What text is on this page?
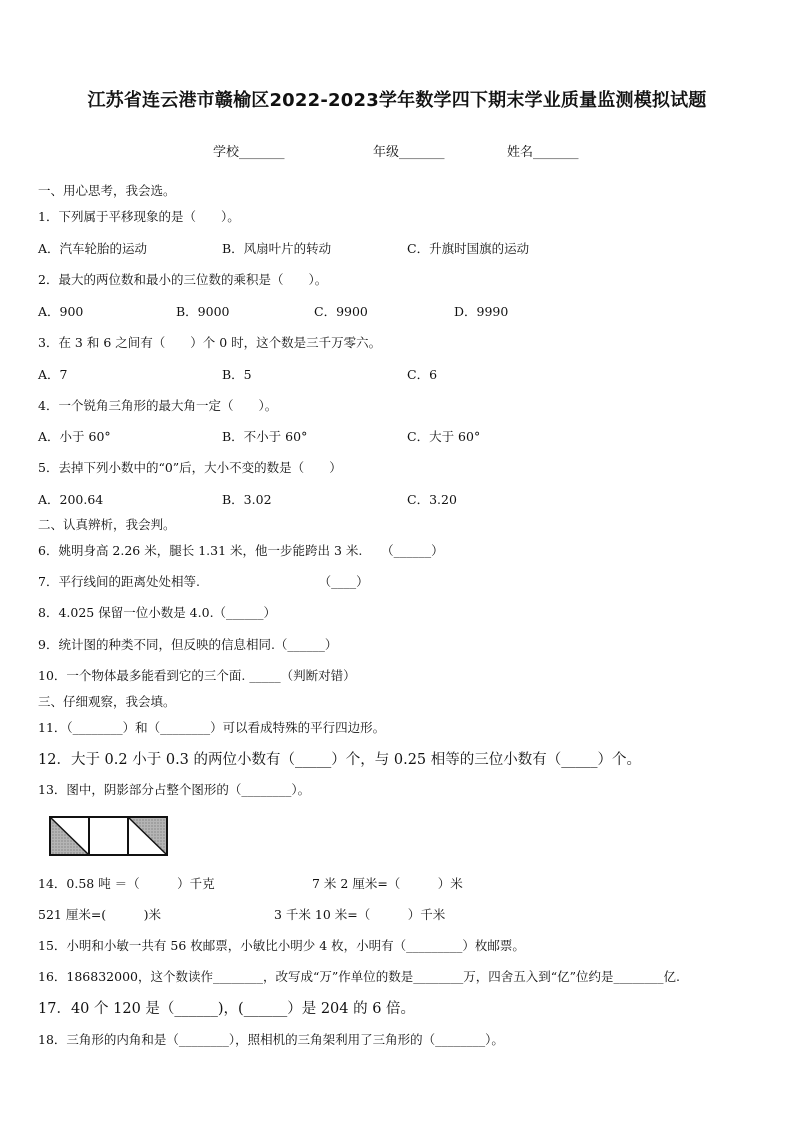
江苏省连云港市赣榆区2022-2023学年数学四下期末学业质量监测模拟试题
学校_______	年级_______	姓名_______
一、用心思考，我会选。
1．下列属于平移现象的是（　　）。
A．汽车轮胎的运动	B．风扇叶片的转动	C．升旗时国旗的运动
2．最大的两位数和最小的三位数的乘积是（　　）。
A．900	B．9000	C．9900	D．9990
3．在 3 和 6 之间有（　　）个 0 时，这个数是三千万零六。
A．7	B．5	C．6
4．一个锐角三角形的最大角一定（　　）。
A．小于 60°	B．不小于 60°	C．大于 60°
5．去掉下列小数中的“0”后，大小不变的数是（　　）
A．200.64	B．3.02	C．3.20
二、认真辨析，我会判。
6．姚明身高 2.26 米，腿长 1.31 米，他一步能跨出 3 米.　　（______）
7．平行线间的距离处处相等.　　　　　　　　　　（____）
8．4.025 保留一位小数是 4.0.（______）
9．统计图的种类不同，但反映的信息相同.（______）
10．一个物体最多能看到它的三个面. _____（判断对错）
三、仔细观察，我会填。
11．（________）和（________）可以看成特殊的平行四边形。
12．大于 0.2 小于 0.3 的两位小数有（_____）个，与 0.25 相等的三位小数有（_____）个。
13．图中，阴影部分占整个图形的（________）。
14．0.58 吨 ＝（　　　）千克	7 米 2 厘米=（　　　）米
521 厘米=(　　　)米	3 千米 10 米=（　　　）千米
15．小明和小敏一共有 56 枚邮票，小敏比小明少 4 枚，小明有（_________）枚邮票。
16．186832000，这个数读作________，改写成“万”作单位的数是________万，四舍五入到“亿”位约是________亿.
17．40 个 120 是（______)，(______）是 204 的 6 倍。
18．三角形的内角和是（________），照相机的三角架利用了三角形的（________）。
